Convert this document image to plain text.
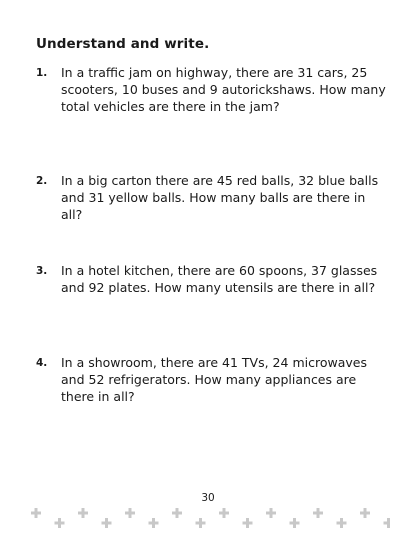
Understand and write.
1. In a traffic jam on highway, there are 31 cars, 25 scooters, 10 buses and 9 autorickshaws. How many total vehicles are there in the jam?
2. In a big carton there are 45 red balls, 32 blue balls and 31 yellow balls. How many balls are there in all?
3. In a hotel kitchen, there are 60 spoons, 37 glasses and 92 plates. How many utensils are there in all?
4. In a showroom, there are 41 TVs, 24 microwaves and 52 refrigerators. How many appliances are there in all?
30
